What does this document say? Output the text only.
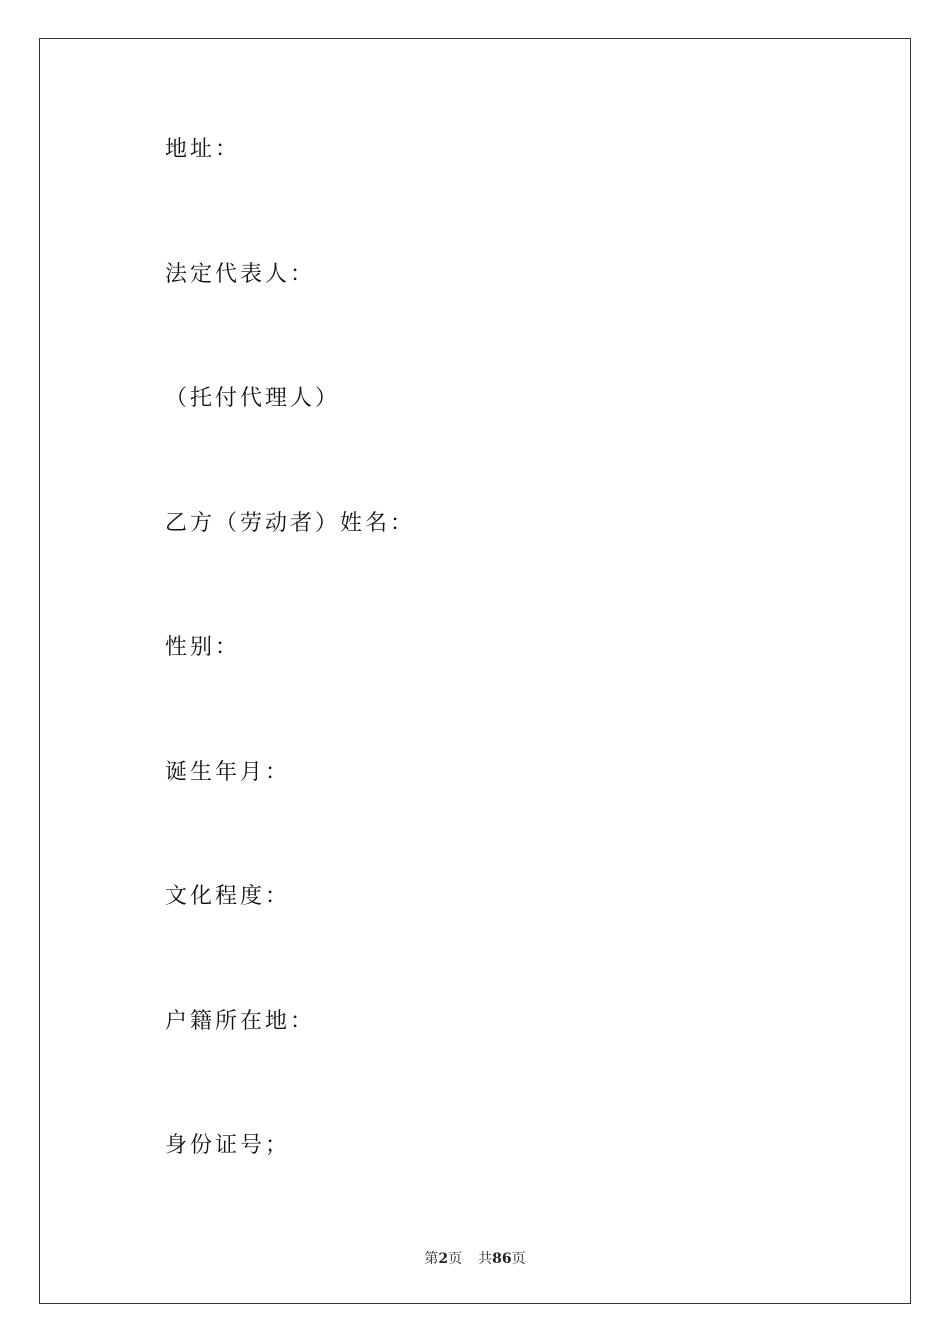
地址：
法定代表人：
（托付代理人）
乙方（劳动者）姓名：
性别：
诞生年月：
文化程度：
户籍所在地：
身份证号；
第2页 共86页
